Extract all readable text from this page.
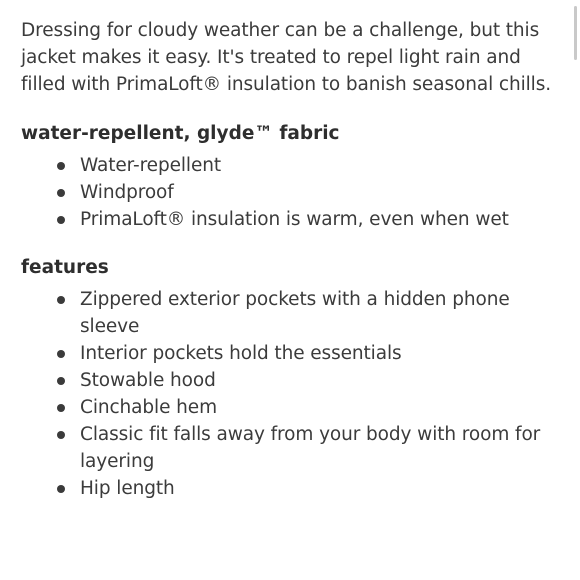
Dressing for cloudy weather can be a challenge, but this jacket makes it easy. It's treated to repel light rain and filled with PrimaLoft® insulation to banish seasonal chills.

water-repellent, glyde™ fabric
Water-repellent
Windproof
PrimaLoft® insulation is warm, even when wet
features
Zippered exterior pockets with a hidden phone sleeve
Interior pockets hold the essentials
Stowable hood
Cinchable hem
Classic fit falls away from your body with room for layering
Hip length
